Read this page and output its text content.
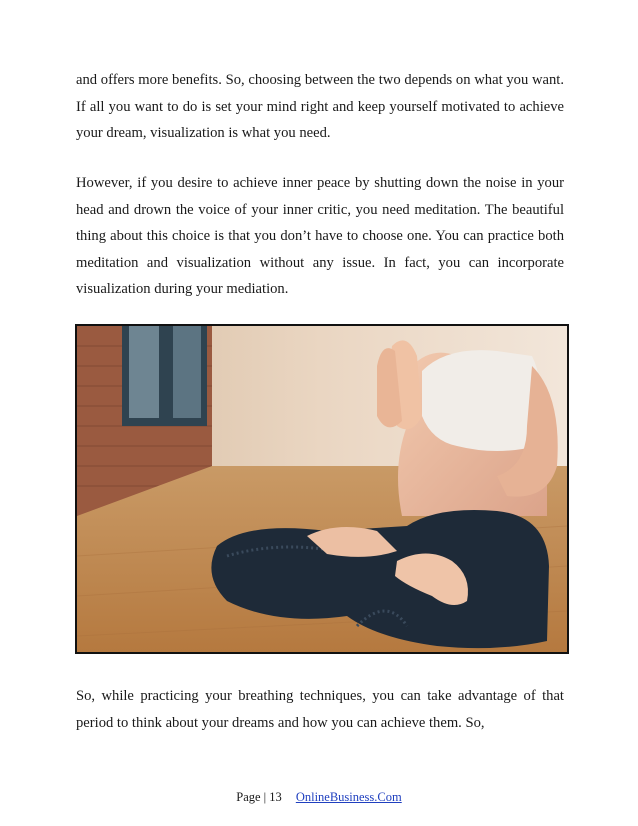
and offers more benefits. So, choosing between the two depends on what you want. If all you want to do is set your mind right and keep yourself motivated to achieve your dream, visualization is what you need.

However, if you desire to achieve inner peace by shutting down the noise in your head and drown the voice of your inner critic, you need meditation. The beautiful thing about this choice is that you don’t have to choose one. You can practice both meditation and visualization without any issue. In fact, you can incorporate visualization during your mediation.

So, while practicing your breathing techniques, you can take advantage of that period to think about your dreams and how you can achieve them. So,

Page | 13 OnlineBusiness.Com
